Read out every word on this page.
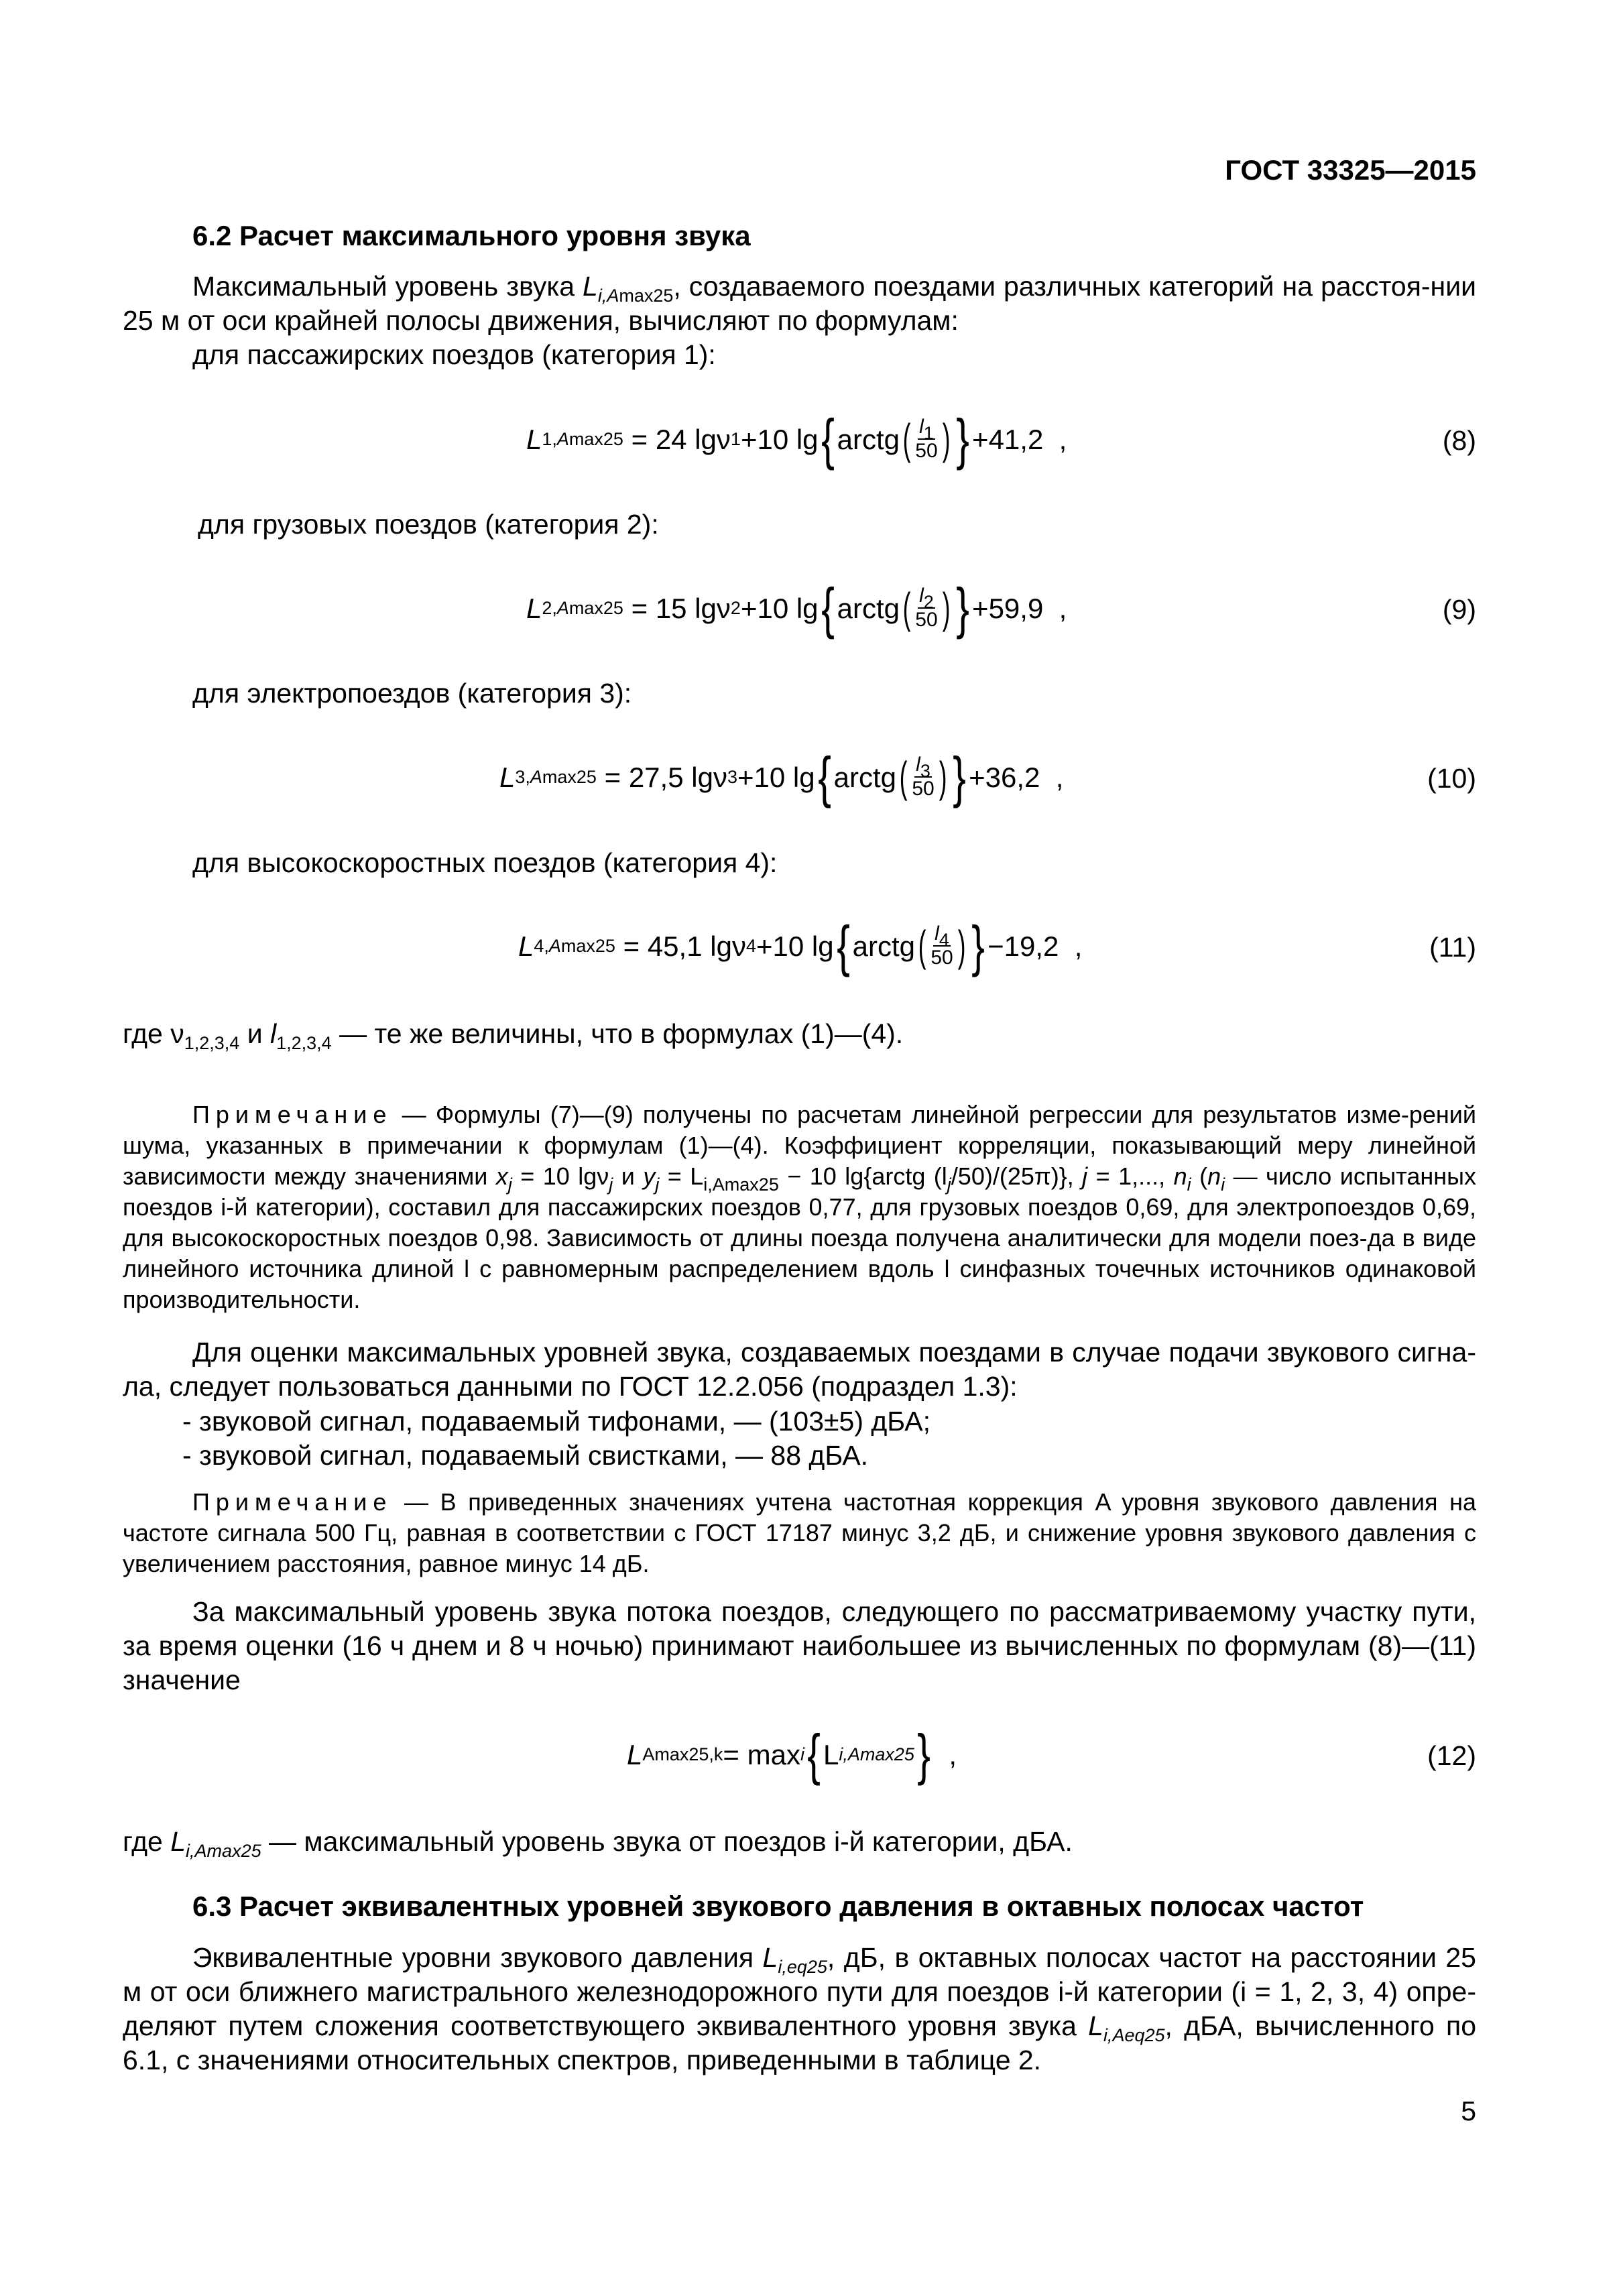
ГОСТ 33325—2015
6.2 Расчет максимального уровня звука
Максимальный уровень звука $L_{i,Amax25}$, создаваемого поездами различных категорий на расстоя-нии 25 м от оси крайней полосы движения, вычисляют по формулам:
для пассажирских поездов (категория 1):
L 1,Amax25 = 24 lg ν 1 +10 lg { arctg ( $\frac{l_1}{50}$ ) } +41,2
,	(8)
для грузовых поездов (категория 2):
L 2,Amax25 = 15 lg ν 2 +10 lg { arctg ( $\frac{l_2}{50}$ ) } +59,9
,	(9)
для электропоездов (категория 3):
L 3,Amax25 = 27,5 lg ν 3 +10 lg { arctg ( $\frac{l_3}{50}$ ) } +36,2
,	(10)
для высокоскоростных поездов (категория 4):
L 4,Amax25 = 45,1 lg ν 4 +10 lg { arctg ( $\frac{l_4}{50}$ ) } −19,2
,	(11)
где $\nu_{1,2,3,4}$ и $l_{1,2,3,4}$ — те же величины, что в формулах (1)—(4).
Примечание — Формулы (7)—(9) получены по расчетам линейной регрессии для результатов изме-рений шума, указанных в примечании к формулам (1)—(4). Коэффициент корреляции, показывающий меру линейной зависимости между значениями $x_j = 10$ lgν$_j$ и $y_j = L_{i,Amax25} - 10$ lg{arctg $(l_j/50)/(25\pi)$}, j = 1,..., $n_i$ ($n_i$ — число испытанных поездов i-й категории), составил для пассажирских поездов 0,77, для грузовых поездов 0,69, для электропоездов 0,69, для высокоскоростных поездов 0,98. Зависимость от длины поезда получена аналитически для модели поез-да в виде линейного источника длиной l с равномерным распределением вдоль l синфазных точечных источников одинаковой производительности.
Для оценки максимальных уровней звука, создаваемых поездами в случае подачи звукового сигна-ла, следует пользоваться данными по ГОСТ 12.2.056 (подраздел 1.3):
- звуковой сигнал, подаваемый тифонами, — (103±5) дБА;
- звуковой сигнал, подаваемый свистками, — 88 дБА.
Примечание — В приведенных значениях учтена частотная коррекция A уровня звукового давления на частоте сигнала 500 Гц, равная в соответствии с ГОСТ 17187 минус 3,2 дБ, и снижение уровня звукового давления с увеличением расстояния, равное минус 14 дБ.
За максимальный уровень звука потока поездов, следующего по рассматриваемому участку пути, за время оценки (16 ч днем и 8 ч ночью) принимают наибольшее из вычисленных по формулам (8)—(11) значение
L Amax25,k = max i { L i,Amax25 }
,	(12)
где $L_{i,Amax25}$ — максимальный уровень звука от поездов i-й категории, дБА.
6.3 Расчет эквивалентных уровней звукового давления в октавных полосах частот
Эквивалентные уровни звукового давления $L_{i,eq25}$, дБ, в октавных полосах частот на расстоянии 25 м от оси ближнего магистрального железнодорожного пути для поездов i-й категории (i = 1, 2, 3, 4) опре-деляют путем сложения соответствующего эквивалентного уровня звука $L_{i,Aeq25}$, дБА, вычисленного по 6.1, с значениями относительных спектров, приведенными в таблице 2.
5
